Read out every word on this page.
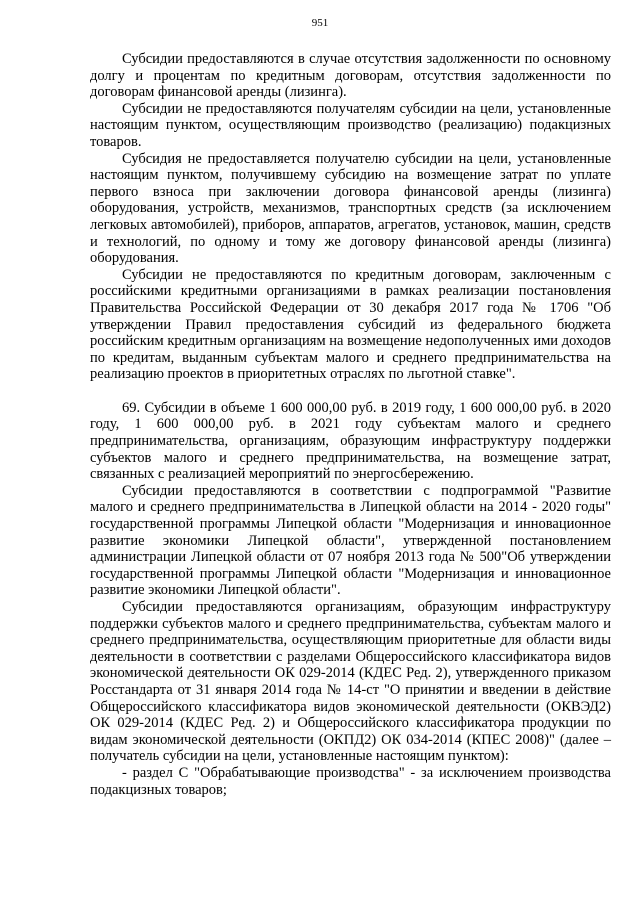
951

Субсидии предоставляются в случае отсутствия задолженности по основному долгу и процентам по кредитным договорам, отсутствия задолженности по договорам финансовой аренды (лизинга).

Субсидии не предоставляются получателям субсидии на цели, установленные настоящим пунктом, осуществляющим производство (реализацию) подакцизных товаров.

Субсидия не предоставляется получателю субсидии на цели, установленные настоящим пунктом, получившему субсидию на возмещение затрат по уплате первого взноса при заключении договора финансовой аренды (лизинга) оборудования, устройств, механизмов, транспортных средств (за исключением легковых автомобилей), приборов, аппаратов, агрегатов, установок, машин, средств и технологий, по одному и тому же договору финансовой аренды (лизинга) оборудования.

Субсидии не предоставляются по кредитным договорам, заключенным с российскими кредитными организациями в рамках реализации постановления Правительства Российской Федерации от 30 декабря 2017 года № 1706 "Об утверждении Правил предоставления субсидий из федерального бюджета российским кредитным организациям на возмещение недополученных ими доходов по кредитам, выданным субъектам малого и среднего предпринимательства на реализацию проектов в приоритетных отраслях по льготной ставке".

69. Субсидии в объеме 1 600 000,00 руб. в 2019 году, 1 600 000,00 руб. в 2020 году, 1 600 000,00 руб. в 2021 году субъектам малого и среднего предпринимательства, организациям, образующим инфраструктуру поддержки субъектов малого и среднего предпринимательства, на возмещение затрат, связанных с реализацией мероприятий по энергосбережению.

Субсидии предоставляются в соответствии с подпрограммой "Развитие малого и среднего предпринимательства в Липецкой области на 2014 - 2020 годы" государственной программы Липецкой области "Модернизация и инновационное развитие экономики Липецкой области", утвержденной постановлением администрации Липецкой области от 07 ноября 2013 года № 500"Об утверждении государственной программы Липецкой области "Модернизация и инновационное развитие экономики Липецкой области".

Субсидии предоставляются организациям, образующим инфраструктуру поддержки субъектов малого и среднего предпринимательства, субъектам малого и среднего предпринимательства, осуществляющим приоритетные для области виды деятельности в соответствии с разделами Общероссийского классификатора видов экономической деятельности ОК 029-2014 (КДЕС Ред. 2), утвержденного приказом Росстандарта от 31 января 2014 года № 14-ст "О принятии и введении в действие Общероссийского классификатора видов экономической деятельности (ОКВЭД2) ОК 029-2014 (КДЕС Ред. 2) и Общероссийского классификатора продукции по видам экономической деятельности (ОКПД2) ОК 034-2014 (КПЕС 2008)" (далее – получатель субсидии на цели, установленные настоящим пунктом):

- раздел С "Обрабатывающие производства" - за исключением производства подакцизных товаров;
